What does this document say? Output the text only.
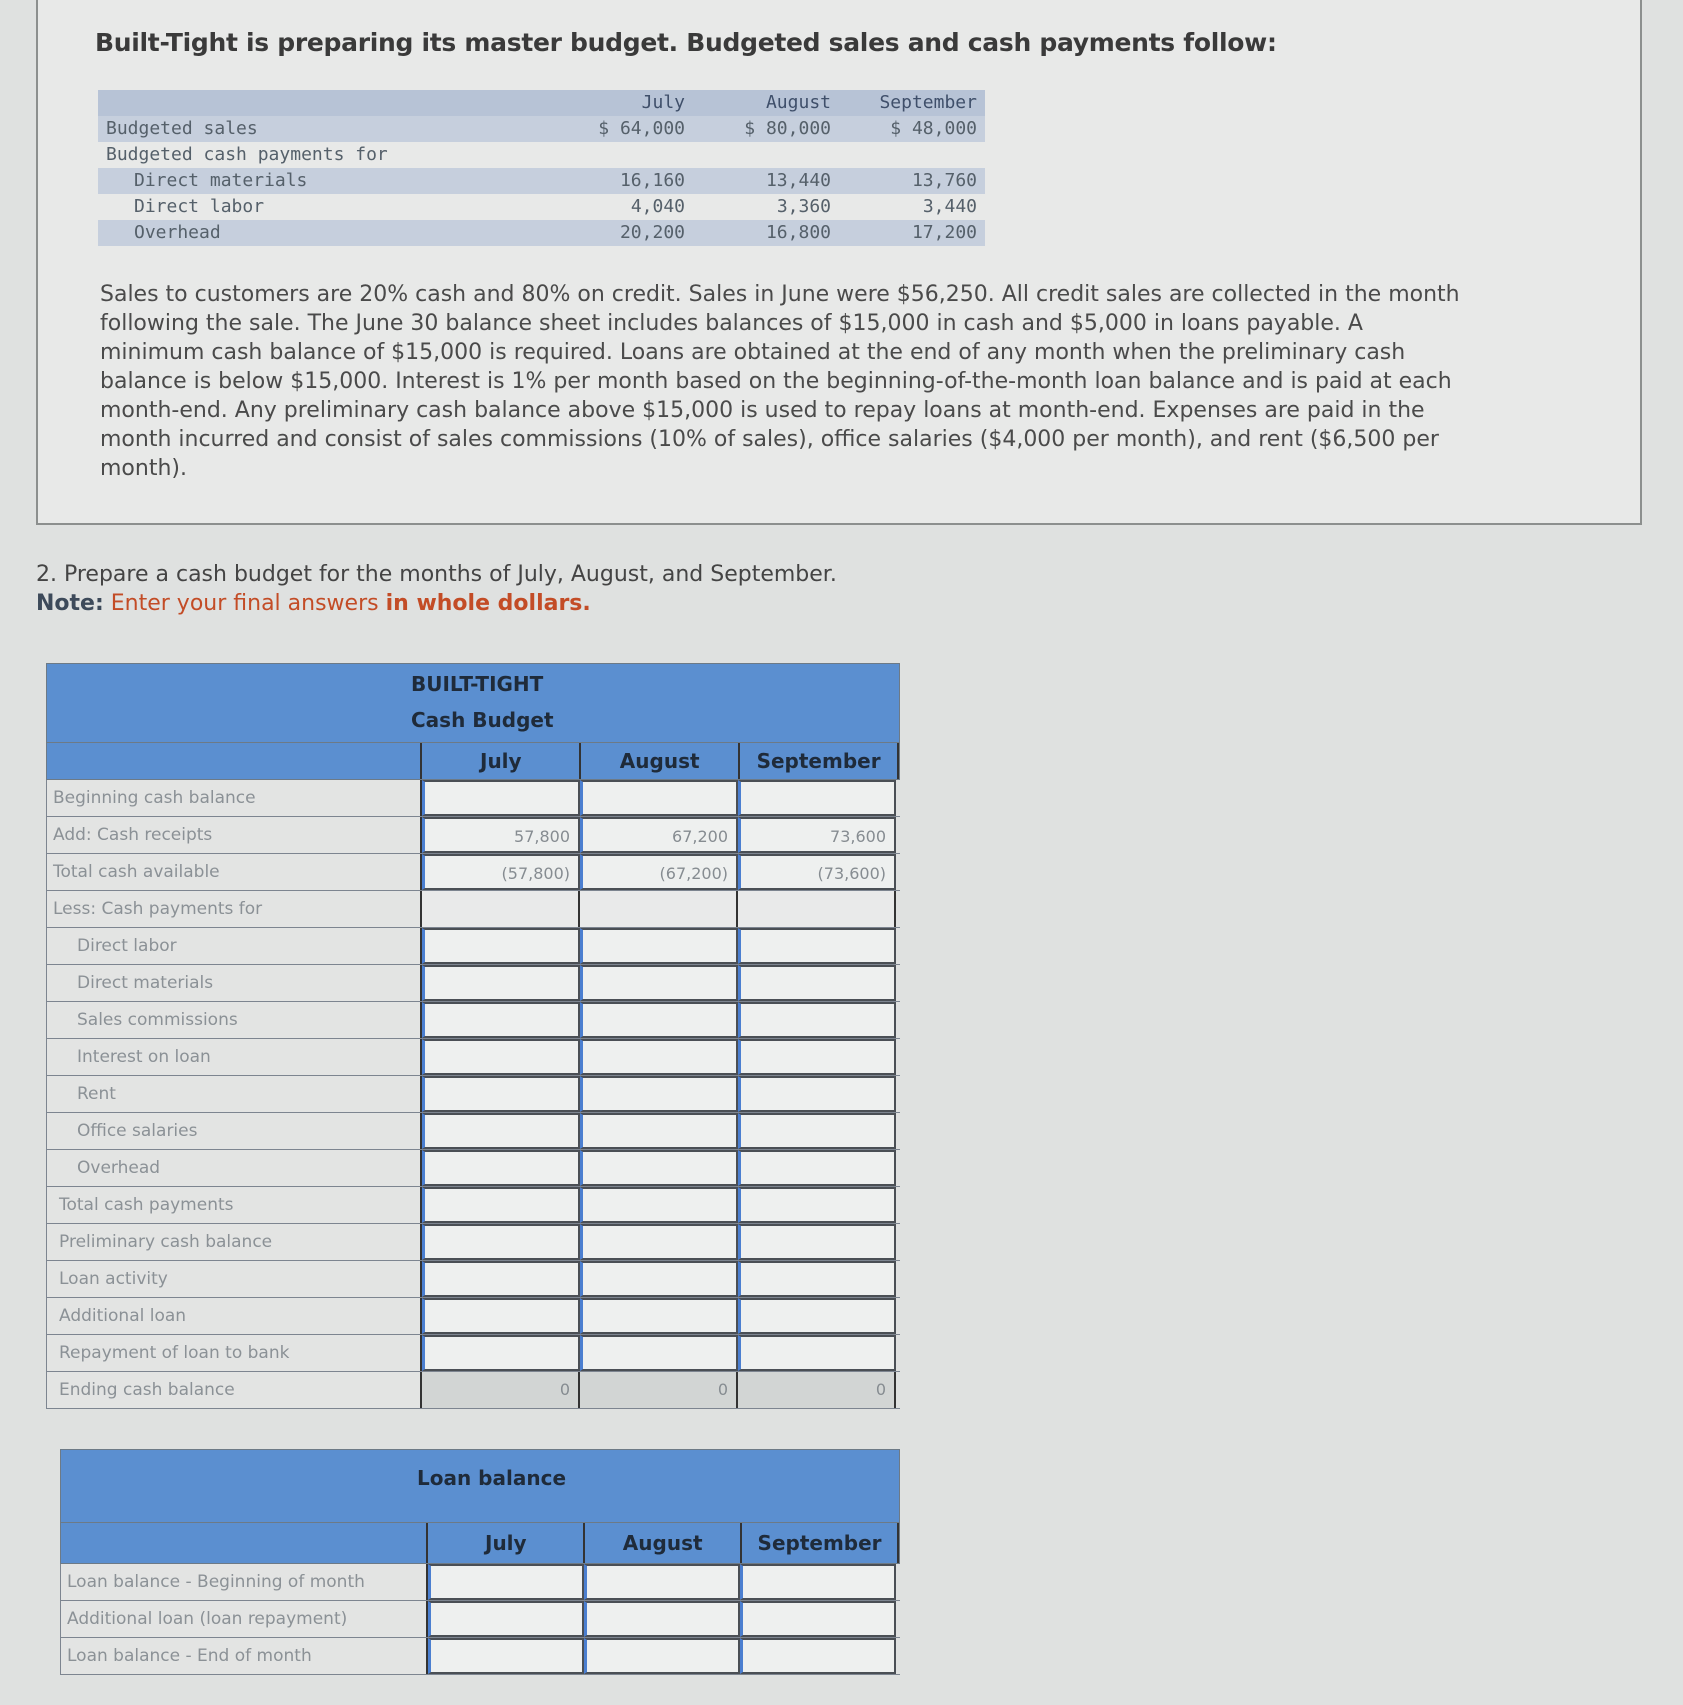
Built-Tight is preparing its master budget. Budgeted sales and cash payments follow:
	July	August	September
Budgeted sales	$ 64,000	$ 80,000	$ 48,000
Budgeted cash payments for			
Direct materials	16,160	13,440	13,760
Direct labor	4,040	3,360	3,440
Overhead	20,200	16,800	17,200
Sales to customers are 20% cash and 80% on credit. Sales in June were $56,250. All credit sales are collected in the month following the sale. The June 30 balance sheet includes balances of $15,000 in cash and $5,000 in loans payable. A minimum cash balance of $15,000 is required. Loans are obtained at the end of any month when the preliminary cash balance is below $15,000. Interest is 1% per month based on the beginning-of-the-month loan balance and is paid at each month-end. Any preliminary cash balance above $15,000 is used to repay loans at month-end. Expenses are paid in the month incurred and consist of sales commissions (10% of sales), office salaries ($4,000 per month), and rent ($6,500 per month).
2. Prepare a cash budget for the months of July, August, and September.
Note: Enter your final answers in whole dollars.
BUILT-TIGHT
Cash Budget
July	August	September
Beginning cash balance
Add: Cash receipts	57,800	67,200	73,600
Total cash available	(57,800)	(67,200)	(73,600)
Less: Cash payments for
Direct labor
Direct materials
Sales commissions
Interest on loan
Rent
Office salaries
Overhead
Total cash payments
Preliminary cash balance
Loan activity
Additional loan
Repayment of loan to bank
Ending cash balance	0	0	0
Loan balance
July	August	September
Loan balance - Beginning of month
Additional loan (loan repayment)
Loan balance - End of month
